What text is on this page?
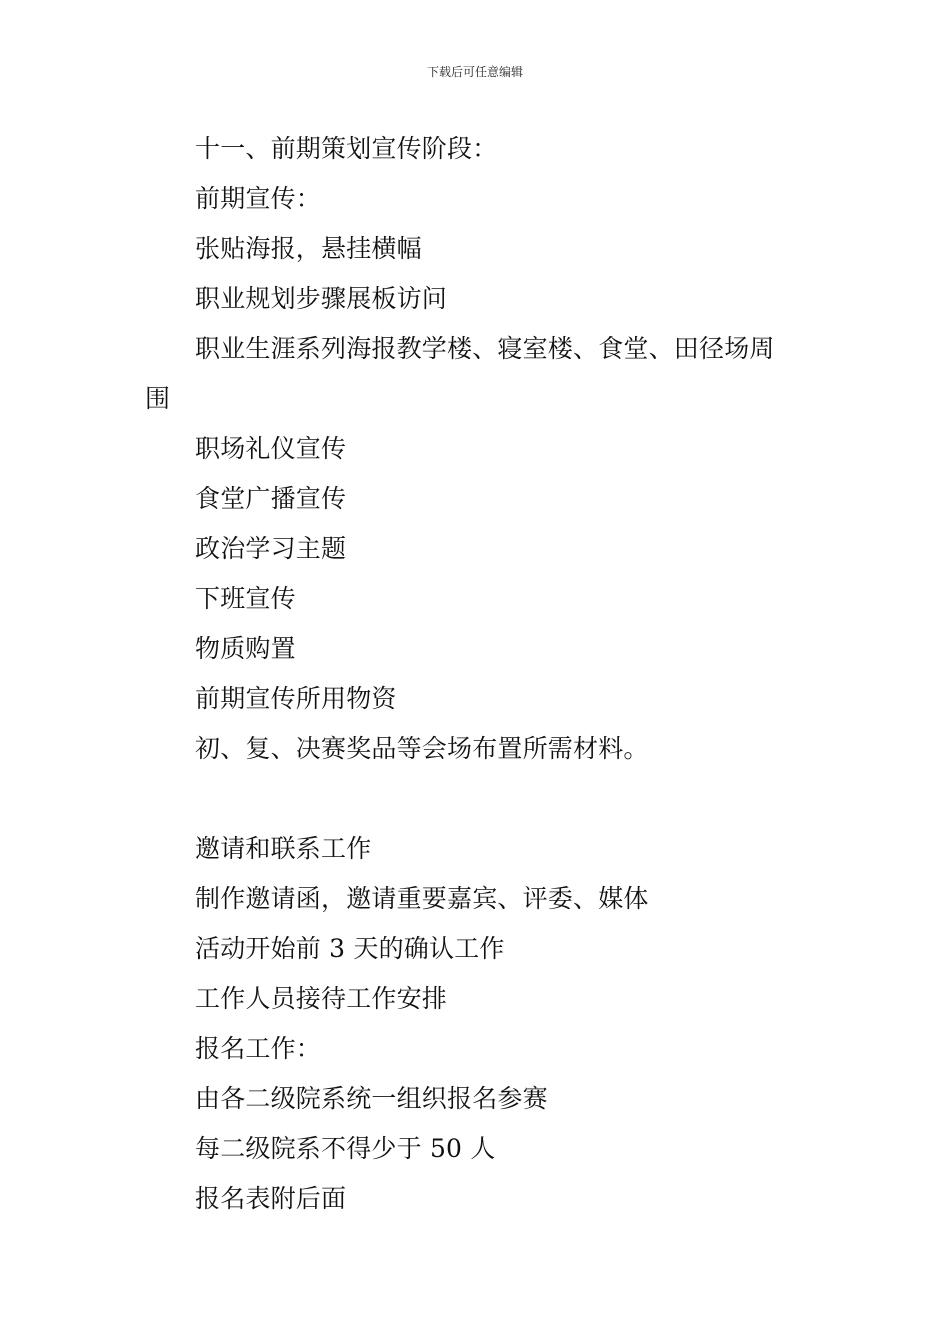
下载后可任意编辑
十一、前期策划宣传阶段：
前期宣传：
张贴海报，悬挂横幅
职业规划步骤展板访问
职业生涯系列海报教学楼、寝室楼、食堂、田径场周
围
职场礼仪宣传
食堂广播宣传
政治学习主题
下班宣传
物质购置
前期宣传所用物资
初、复、决赛奖品等会场布置所需材料。
邀请和联系工作
制作邀请函，邀请重要嘉宾、评委、媒体
活动开始前 3 天的确认工作
工作人员接待工作安排
报名工作：
由各二级院系统一组织报名参赛
每二级院系不得少于 50 人
报名表附后面
